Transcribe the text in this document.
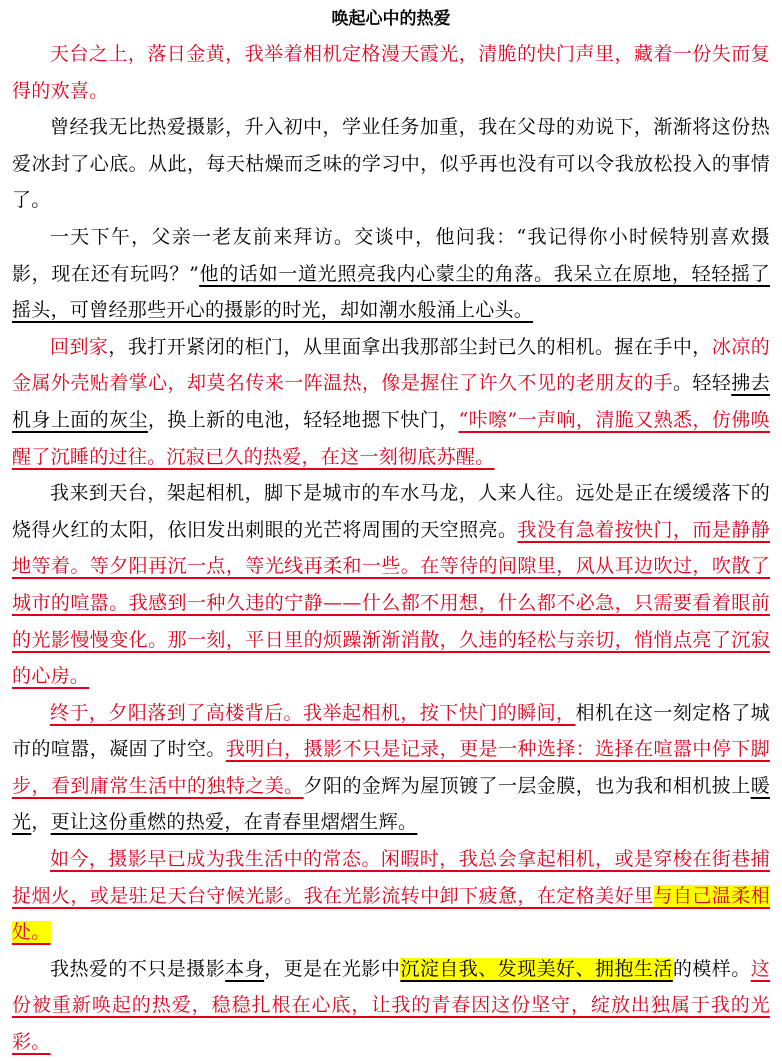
唤起心中的热爱

天台之上，落日金黄，我举着相机定格漫天霞光，清脆的快门声里，藏着一份失而复得的欢喜。

曾经我无比热爱摄影，升入初中，学业任务加重，我在父母的劝说下，渐渐将这份热爱冰封了心底。从此，每天枯燥而乏味的学习中，似乎再也没有可以令我放松投入的事情了。

一天下午，父亲一老友前来拜访。交谈中，他问我：“我记得你小时候特别喜欢摄影，现在还有玩吗？”他的话如一道光照亮我内心蒙尘的角落。我呆立在原地，轻轻摇了摇头，可曾经那些开心的摄影的时光，却如潮水般涌上心头。

回到家，我打开紧闭的柜门，从里面拿出我那部尘封已久的相机。握在手中，冰凉的金属外壳贴着掌心，却莫名传来一阵温热，像是握住了许久不见的老朋友的手。轻轻拂去机身上面的灰尘，换上新的电池，轻轻地摁下快门，“咔嚓”一声响，清脆又熟悉，仿佛唤醒了沉睡的过往。沉寂已久的热爱，在这一刻彻底苏醒。

我来到天台，架起相机，脚下是城市的车水马龙，人来人往。远处是正在缓缓落下的烧得火红的太阳，依旧发出刺眼的光芒将周围的天空照亮。我没有急着按快门，而是静静地等着。等夕阳再沉一点，等光线再柔和一些。在等待的间隙里，风从耳边吹过，吹散了城市的喧嚣。我感到一种久违的宁静——什么都不用想，什么都不必急，只需要看着眼前的光影慢慢变化。那一刻，平日里的烦躁渐渐消散，久违的轻松与亲切，悄悄点亮了沉寂的心房。

终于，夕阳落到了高楼背后。我举起相机，按下快门的瞬间，相机在这一刻定格了城市的喧嚣，凝固了时空。我明白，摄影不只是记录，更是一种选择：选择在喧嚣中停下脚步，看到庸常生活中的独特之美。夕阳的金辉为屋顶镀了一层金膜，也为我和相机披上暖光，更让这份重燃的热爱，在青春里熠熠生辉。

如今，摄影早已成为我生活中的常态。闲暇时，我总会拿起相机，或是穿梭在街巷捕捉烟火，或是驻足天台守候光影。我在光影流转中卸下疲惫，在定格美好里与自己温柔相处。

我热爱的不只是摄影本身，更是在光影中沉淀自我、发现美好、拥抱生活的模样。这份被重新唤起的热爱，稳稳扎根在心底，让我的青春因这份坚守，绽放出独属于我的光彩。
